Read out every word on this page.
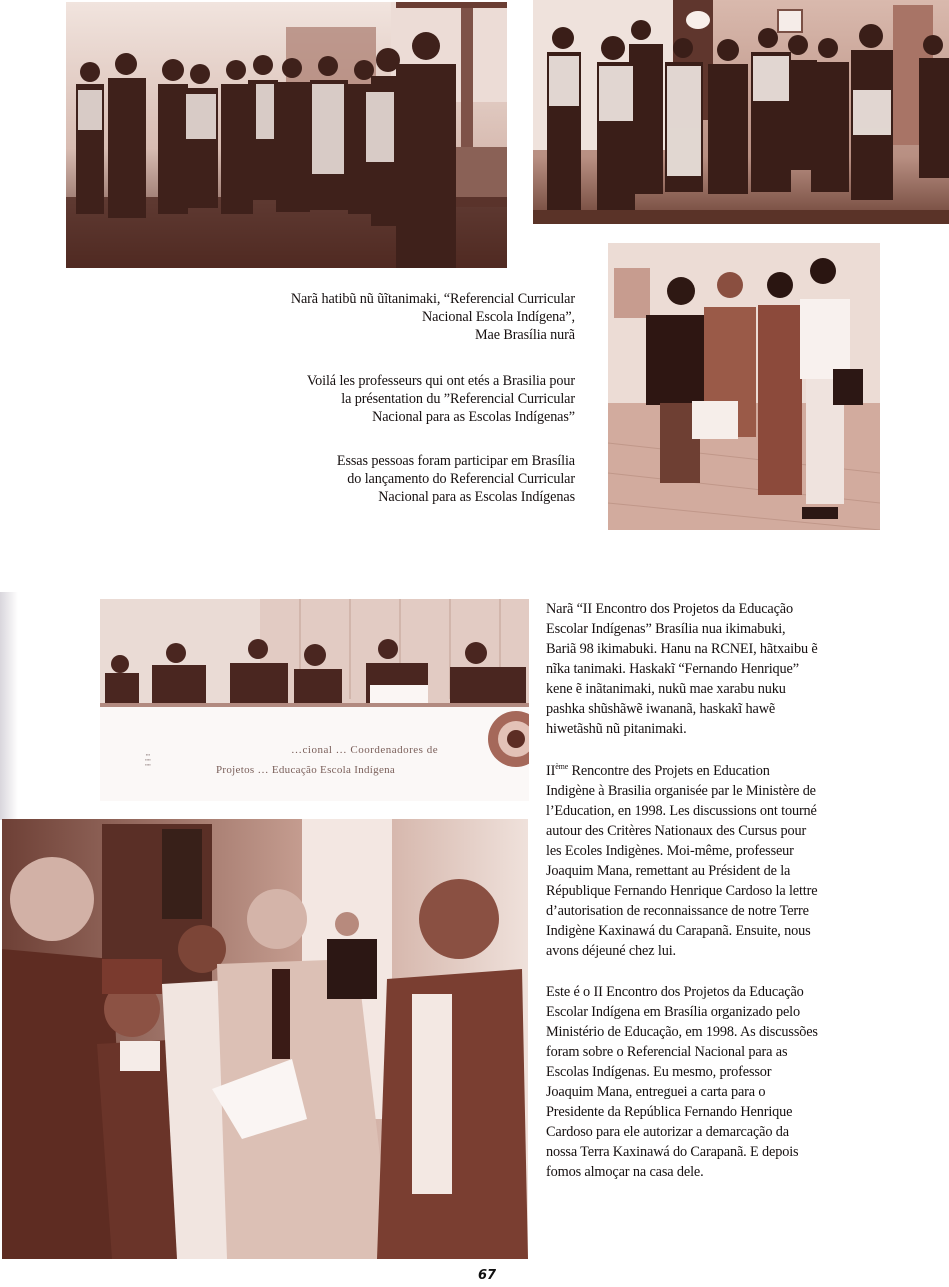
Narã hatibũ nũ ũĩtanimaki, “Referencial Curricular

Nacional Escola Indígena”,

Mae Brasília nurã

Voilá les professeurs qui ont etés a Brasilia pour

la présentation du ”Referencial Curricular

Nacional para as Escolas Indígenas”

Essas pessoas foram participar em Brasília

do lançamento do Referencial Curricular

Nacional para as Escolas Indígenas

▪▪▪
▪▪▪▪
▪▪▪▪
…cional … Coordenadores de
Projetos … Educação Escola Indígena

Narã “II Encontro dos Projetos da Educação

Escolar Indígenas” Brasília nua ikimabuki,

Bariã 98 ikimabuki. Hanu na RCNEI, hãtxaibu ẽ

nĩka tanimaki. Haskakĩ “Fernando Henrique”

kene ẽ inãtanimaki, nukũ mae xarabu nuku

pashka shũshãwẽ iwananã, haskakĩ hawẽ

hiwetãshũ nũ pitanimaki.

IIème Rencontre des Projets en Education

Indigène à Brasilia organisée par le Ministère de

l’Education, en 1998. Les discussions ont tourné

autour des Critères Nationaux des Cursus pour

les Ecoles Indigènes. Moi-même, professeur

Joaquim Mana, remettant au Président de la

République Fernando Henrique Cardoso la lettre

d’autorisation de reconnaissance de notre Terre

Indigène Kaxinawá du Carapanã. Ensuite, nous

avons déjeuné chez lui.

Este é o II Encontro dos Projetos da Educação

Escolar Indígena em Brasília organizado pelo

Ministério de Educação, em 1998. As discussões

foram sobre o Referencial Nacional para as

Escolas Indígenas. Eu mesmo, professor

Joaquim Mana, entreguei a carta para o

Presidente da República Fernando Henrique

Cardoso para ele autorizar a demarcação da

nossa Terra Kaxinawá do Carapanã. E depois

fomos almoçar na casa dele.

67
